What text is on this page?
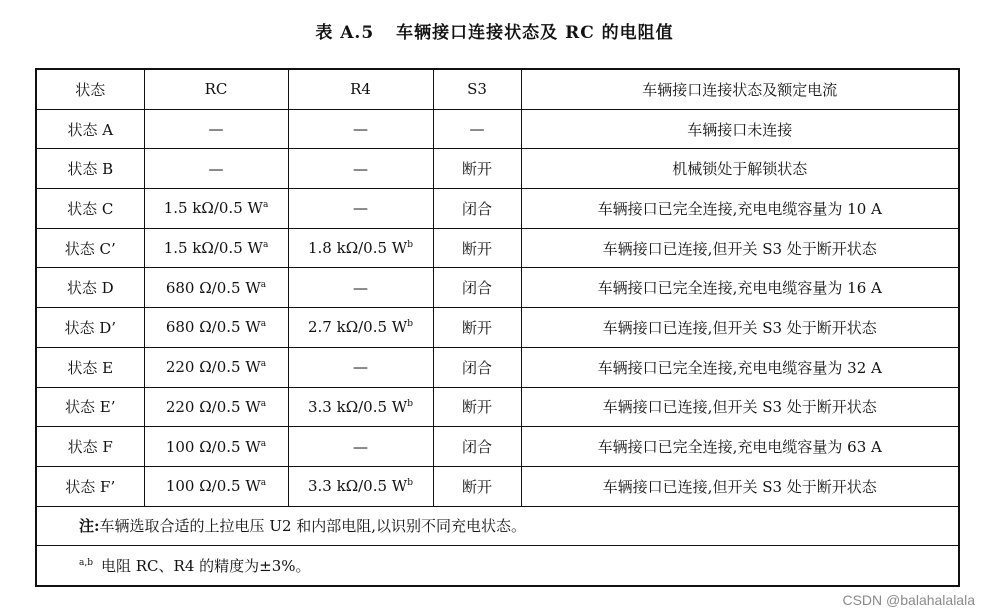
表 A.5 车辆接口连接状态及 RC 的电阻值
状态	RC	R4	S3	车辆接口连接状态及额定电流
状态 A	—	—	—	车辆接口未连接
状态 B	—	—	断开	机械锁处于解锁状态
状态 C	1.5 kΩ/0.5 $W^a$	—	闭合	车辆接口已完全连接,充电电缆容量为 10 A
状态 C’	1.5 kΩ/0.5 $W^a$	1.8 kΩ/0.5 $W^b$	断开	车辆接口已连接,但开关 S3 处于断开状态
状态 D	680 Ω/0.5 $W^a$	—	闭合	车辆接口已完全连接,充电电缆容量为 16 A
状态 D’	680 Ω/0.5 $W^a$	2.7 kΩ/0.5 $W^b$	断开	车辆接口已连接,但开关 S3 处于断开状态
状态 E	220 Ω/0.5 $W^a$	—	闭合	车辆接口已完全连接,充电电缆容量为 32 A
状态 E’	220 Ω/0.5 $W^a$	3.3 kΩ/0.5 $W^b$	断开	车辆接口已连接,但开关 S3 处于断开状态
状态 F	100 Ω/0.5 $W^a$	—	闭合	车辆接口已完全连接,充电电缆容量为 63 A
状态 F’	100 Ω/0.5 $W^a$	3.3 kΩ/0.5 $W^b$	断开	车辆接口已连接,但开关 S3 处于断开状态
注:车辆选取合适的上拉电压 U2 和内部电阻,以识别不同充电状态。				
$^{a,b}$ 电阻 RC、R4 的精度为±3%。				
CSDN @balahalalala
